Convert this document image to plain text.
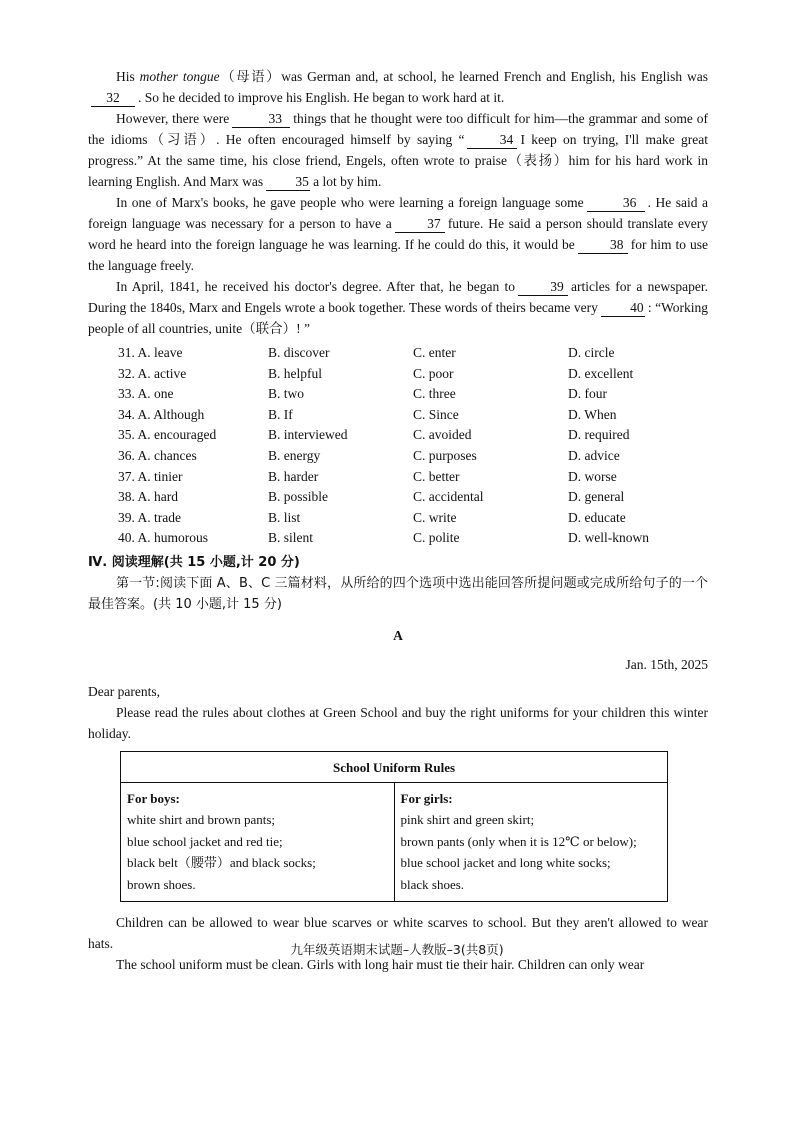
His mother tongue（母语）was German and, at school, he learned French and English, his English was32 . So he decided to improve his English. He began to work hard at it.

However, there were	33 things that he thought were too difficult for him—the grammar and some of the idioms（习语）. He often encouraged himself by saying “	34 I keep on trying, I'll make great progress.” At the same time, his close friend, Engels, often wrote to praise（表扬）him for his hard work in learning English. And Marx was 35 a lot by him.

In one of Marx's books, he gave people who were learning a foreign language some	36 . He said a foreign language was necessary for a person to have a	37 future. He said a person should translate every word he heard into the foreign language he was learning. If he could do this, it would be	38 for him to use the language freely.

In April, 1841, he received his doctor's degree. After that, he began to	39 articles for a newspaper. During the 1840s, Marx and Engels wrote a book together. These words of theirs became very 40 : “Working people of all countries, unite（联合）! ”

31. A. leave	B. discover	C. enter	D. circle
32. A. active	B. helpful	C. poor	D. excellent
33. A. one	B. two	C. three	D. four
34. A. Although	B. If	C. Since	D. When
35. A. encouraged	B. interviewed	C. avoided	D. required
36. A. chances	B. energy	C. purposes	D. advice
37. A. tinier	B. harder	C. better	D. worse
38. A. hard	B. possible	C. accidental	D. general
39. A. trade	B. list	C. write	D. educate
40. A. humorous	B. silent	C. polite	D. well-known
Ⅳ. 阅读理解(共 15 小题,计 20 分)

第一节:阅读下面 A、B、C 三篇材料，从所给的四个选项中选出能回答所提问题或完成所给句子的一个最佳答案。(共 10 小题,计 15 分)

A
Jan. 15th, 2025
Dear parents,

Please read the rules about clothes at Green School and buy the right uniforms for your children this winter holiday.

School Uniform Rules

For boys:
white shirt and brown pants;
blue school jacket and red tie;
black belt（腰带）and black socks;
brown shoes.

For girls:
pink shirt and green skirt;
brown pants (only when it is 12℃ or below);
blue school jacket and long white socks;
black shoes.

Children can be allowed to wear blue scarves or white scarves to school. But they aren't allowed to wear hats.

The school uniform must be clean. Girls with long hair must tie their hair. Children can only wear

九年级英语期末试题–人教版–3(共8页)
